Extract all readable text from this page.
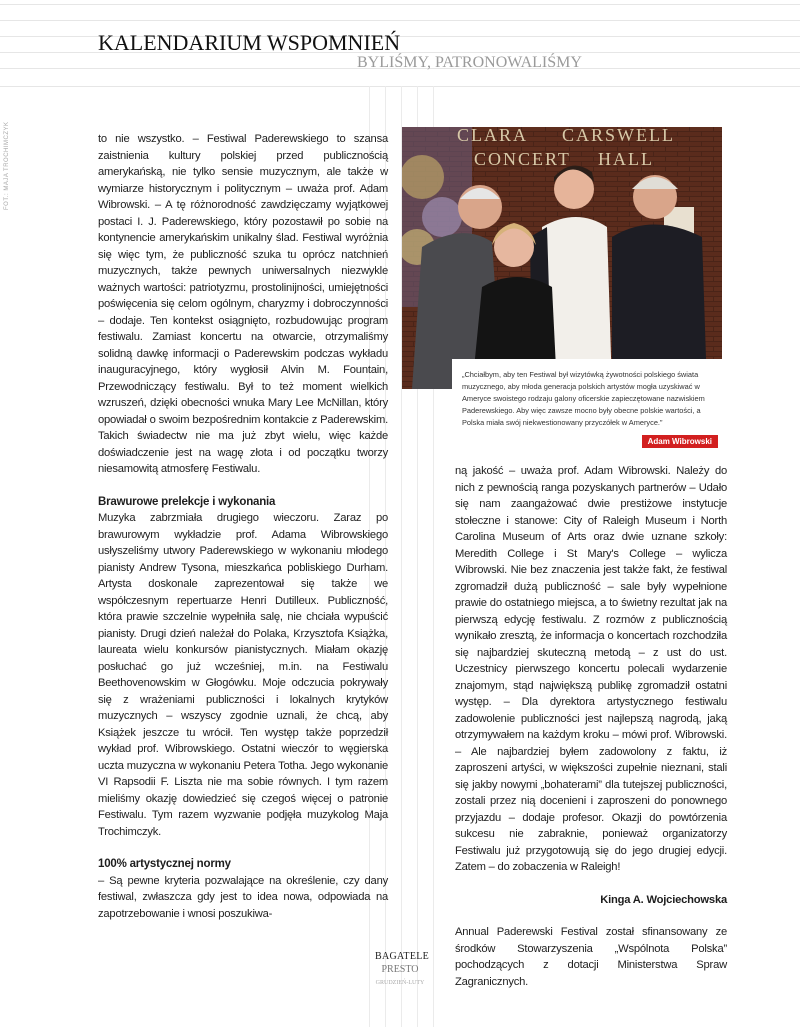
KALENDARIUM WSPOMNIEŃ
BYLIŚMY, PATRONOWALIŚMY
FOT.: MAJA TROCHIMCZYK	to nie wszystko. – Festiwal Paderewskiego to szansa zaistnienia kultury polskiej przed publicznością amerykańską, nie tylko sensie muzycznym, ale także w wymiarze historycznym i politycznym – uważa prof. Adam Wibrowski. – A tę różnorodność zawdzięczamy wyjątkowej postaci I. J. Paderewskiego, który pozostawił po sobie na kontynencie amerykańskim unikalny ślad. Festiwal wyróżnia się więc tym, że publiczność szuka tu oprócz natchnień muzycznych, także pewnych uniwersalnych niezwykle ważnych wartości: patriotyzmu, prostolinijności, umiejętności poświęcenia się celom ogólnym, charyzmy i dobroczynności – dodaje. Ten kontekst osiągnięto, rozbudowując program festiwalu. Zamiast koncertu na otwarcie, otrzymaliśmy solidną dawkę informacji o Paderewskim podczas wykładu inauguracyjnego, który wygłosił Alvin M. Fountain, Przewodniczący festiwalu. Był to też moment wielkich wzruszeń, dzięki obecności wnuka Mary Lee McNillan, który opowiadał o swoim bezpośrednim kontakcie z Paderewskim. Takich świadectw nie ma już zbyt wielu, więc każde doświadczenie jest na wagę złota i od początku tworzy niesamowitą atmosferę Festiwalu.

Brawurowe prelekcje i wykonania

Muzyka zabrzmiała drugiego wieczoru. Zaraz po brawurowym wykładzie prof. Adama Wibrowskiego usłyszeliśmy utwory Paderewskiego w wykonaniu młodego pianisty Andrew Tysona, mieszkańca pobliskiego Durham. Artysta doskonale zaprezentował się także we współczesnym repertuarze Henri Dutilleux. Publiczność, która prawie szczelnie wypełniła salę, nie chciała wypuścić pianisty. Drugi dzień należał do Polaka, Krzysztofa Książka, laureata wielu konkursów pianistycznych. Miałam okazję posłuchać go już wcześniej, m.in. na Festiwalu Beethovenowskim w Głogówku. Moje odczucia pokrywały się z wrażeniami publiczności i lokalnych krytyków muzycznych – wszyscy zgodnie uznali, że chcą, aby Książek jeszcze tu wrócił. Ten występ także poprzedził wykład prof. Wibrowskiego. Ostatni wieczór to węgierska uczta muzyczna w wykonaniu Petera Totha. Jego wykonanie VI Rapsodii F. Liszta nie ma sobie równych. I tym razem mieliśmy okazję dowiedzieć się czegoś więcej o patronie Festiwalu. Tym razem wyzwanie podjęła muzykolog Maja Trochimczyk.

100% artystycznej normy

– Są pewne kryteria pozwalające na określenie, czy dany festiwal, zwłaszcza gdy jest to idea nowa, odpowiada na zapotrzebowanie i wnosi poszukiwa-

CLARA CARSWELL
CONCERT HALL
„Chciałbym, aby ten Festiwal był wizytówką żywotności polskiego świata muzycznego, aby młoda generacja polskich artystów mogła uzyskiwać w Ameryce swoistego rodzaju galony oficerskie zapieczętowane nazwiskiem Paderewskiego. Aby więc zawsze mocno były obecne polskie wartości, a Polska miała swój niekwestionowany przyczółek w Ameryce.”
Adam Wibrowski

ną jakość – uważa prof. Adam Wibrowski. Należy do nich z pewnością ranga pozyskanych partnerów – Udało się nam zaangażować dwie prestiżowe instytucje stołeczne i stanowe: City of Raleigh Museum i North Carolina Museum of Arts oraz dwie uznane szkoły: Meredith College i St Mary's College – wylicza Wibrowski. Nie bez znaczenia jest także fakt, że festiwal zgromadził dużą publiczność – sale były wypełnione prawie do ostatniego miejsca, a to świetny rezultat jak na pierwszą edycję festiwalu. Z rozmów z publicznością wynikało zresztą, że informacja o koncertach rozchodziła się najbardziej skuteczną metodą – z ust do ust. Uczestnicy pierwszego koncertu polecali wydarzenie znajomym, stąd największą publikę zgromadził ostatni występ. – Dla dyrektora artystycznego festiwalu zadowolenie publiczności jest najlepszą nagrodą, jaką otrzymywałem na każdym kroku – mówi prof. Wibrowski. – Ale najbardziej byłem zadowolony z faktu, iż zaproszeni artyści, w większości zupełnie nieznani, stali się jakby nowymi „bohaterami” dla tutejszej publiczności, zostali przez nią docenieni i zaproszeni do ponownego przyjazdu – dodaje profesor. Okazji do powtórzenia sukcesu nie zabraknie, ponieważ organizatorzy Festiwalu już przygotowują się do jego drugiej edycji. Zatem – do zobaczenia w Raleigh!

Kinga A. Wojciechowska

Annual Paderewski Festival został sfinansowany ze środków Stowarzyszenia „Wspólnota Polska” pochodzących z dotacji Ministerstwa Spraw Zagranicznych.

BAGATELE
PRESTO
GRUDZIEŃ-LUTY
